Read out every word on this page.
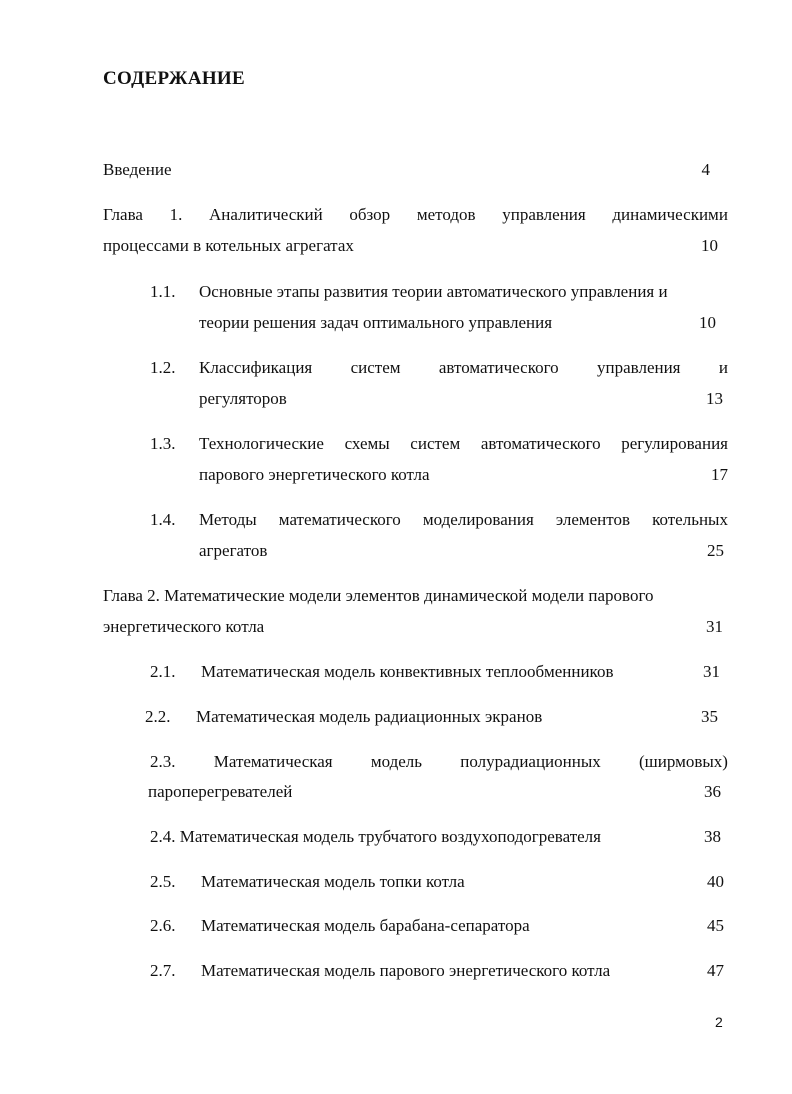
СОДЕРЖАНИЕ
Введение	4
Глава 1. Аналитический обзор методов управления динамическими
процессами в котельных агрегатах	10
1.1. Основные этапы развития теории автоматического управления и
теории решения задач оптимального управления	10
1.2. Классификация систем автоматического управления и
регуляторов	13
1.3. Технологические схемы систем автоматического регулирования
парового энергетического котла	17
1.4. Методы математического моделирования элементов котельных
агрегатов	25
Глава 2. Математические модели элементов динамической модели парового
энергетического котла	31
2.1. Математическая модель конвективных теплообменников	31
2.2. Математическая модель радиационных экранов	35
2.3. Математическая модель полурадиационных (ширмовых)
пароперегревателей	36
2.4. Математическая модель трубчатого воздухоподогревателя	38
2.5. Математическая модель топки котла	40
2.6. Математическая модель барабана-сепаратора	45
2.7. Математическая модель парового энергетического котла	47
2
